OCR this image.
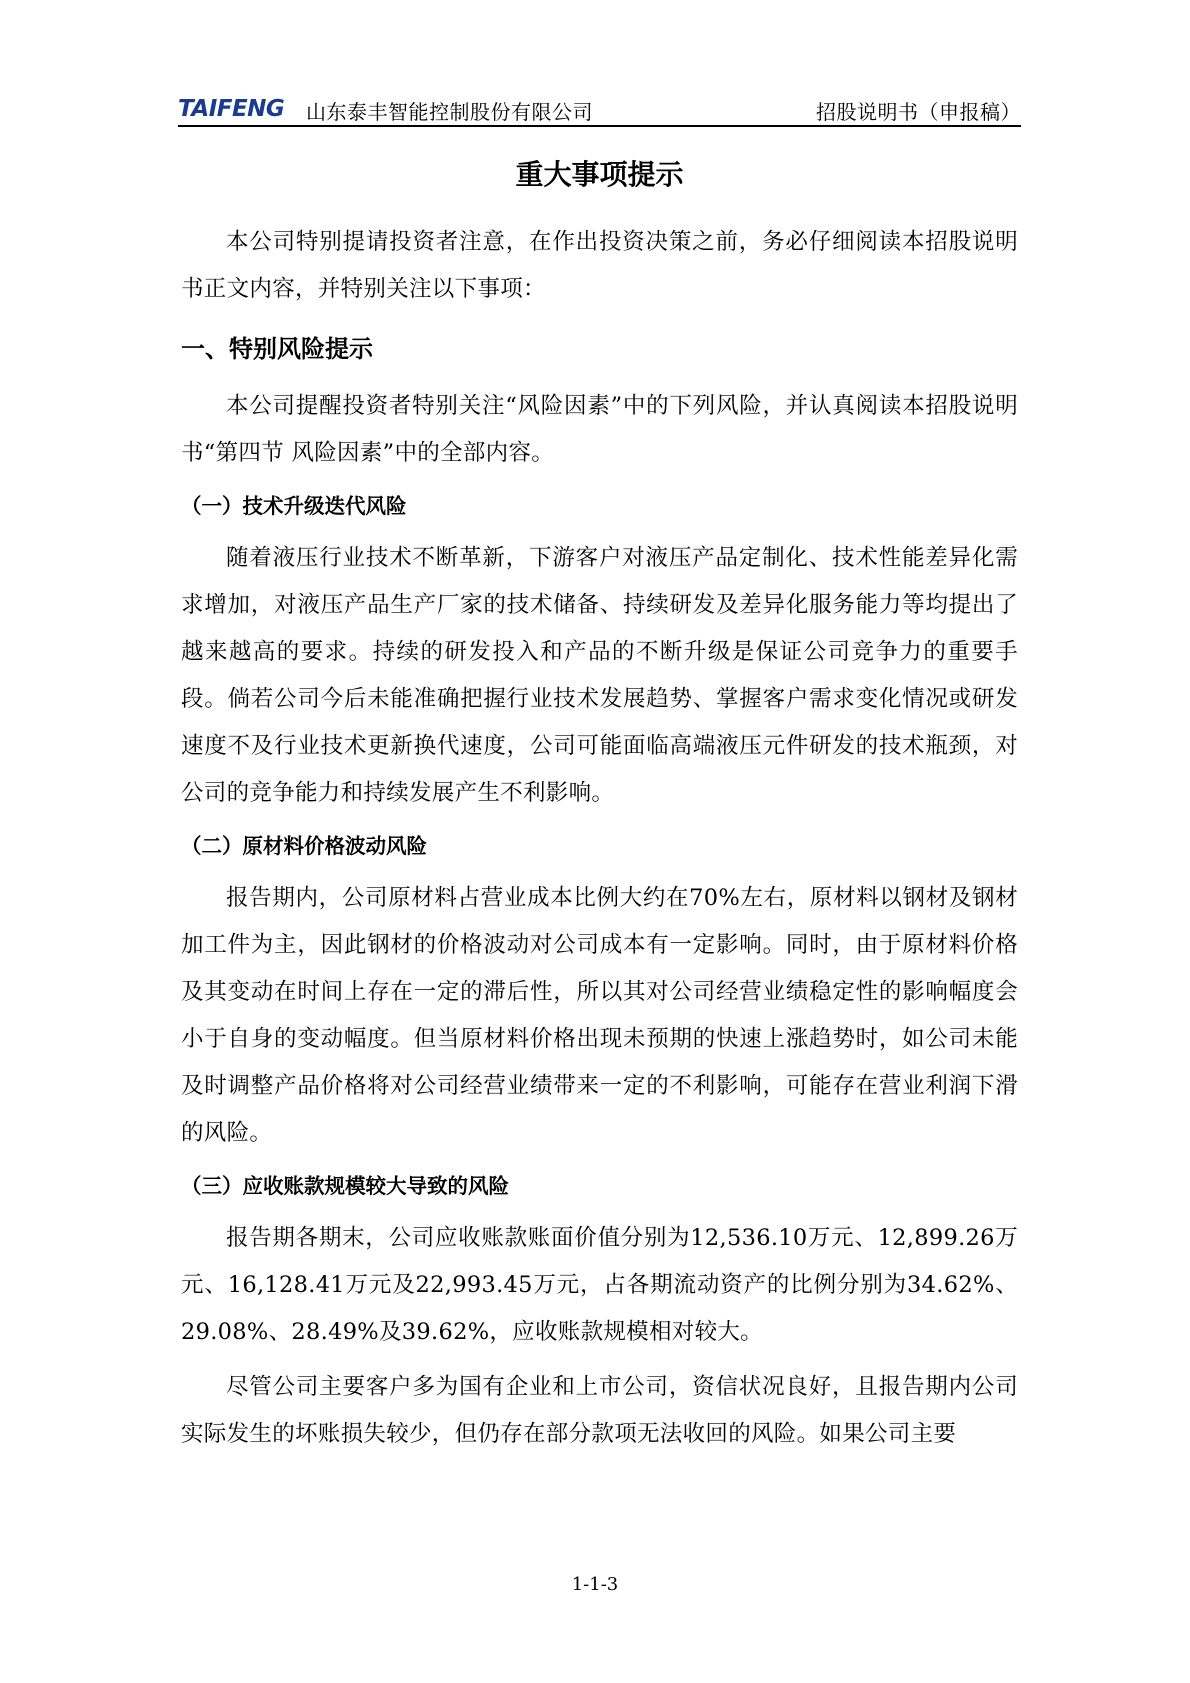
TAIFENG 山东泰丰智能控制股份有限公司	招股说明书（申报稿）
重大事项提示

本公司特别提请投资者注意，在作出投资决策之前，务必仔细阅读本招股说明书正文内容，并特别关注以下事项：

一、特别风险提示

本公司提醒投资者特别关注“风险因素”中的下列风险，并认真阅读本招股说明书“第四节 风险因素”中的全部内容。

（一）技术升级迭代风险

随着液压行业技术不断革新，下游客户对液压产品定制化、技术性能差异化需求增加，对液压产品生产厂家的技术储备、持续研发及差异化服务能力等均提出了越来越高的要求。持续的研发投入和产品的不断升级是保证公司竞争力的重要手段。倘若公司今后未能准确把握行业技术发展趋势、掌握客户需求变化情况或研发速度不及行业技术更新换代速度，公司可能面临高端液压元件研发的技术瓶颈，对公司的竞争能力和持续发展产生不利影响。

（二）原材料价格波动风险

报告期内，公司原材料占营业成本比例大约在70%左右，原材料以钢材及钢材加工件为主，因此钢材的价格波动对公司成本有一定影响。同时，由于原材料价格及其变动在时间上存在一定的滞后性，所以其对公司经营业绩稳定性的影响幅度会小于自身的变动幅度。但当原材料价格出现未预期的快速上涨趋势时，如公司未能及时调整产品价格将对公司经营业绩带来一定的不利影响，可能存在营业利润下滑的风险。

（三）应收账款规模较大导致的风险

报告期各期末，公司应收账款账面价值分别为12,536.10万元、12,899.26万元、16,128.41万元及22,993.45万元，占各期流动资产的比例分别为34.62%、29.08%、28.49%及39.62%，应收账款规模相对较大。

尽管公司主要客户多为国有企业和上市公司，资信状况良好，且报告期内公司实际发生的坏账损失较少，但仍存在部分款项无法收回的风险。如果公司主要

1-1-3
